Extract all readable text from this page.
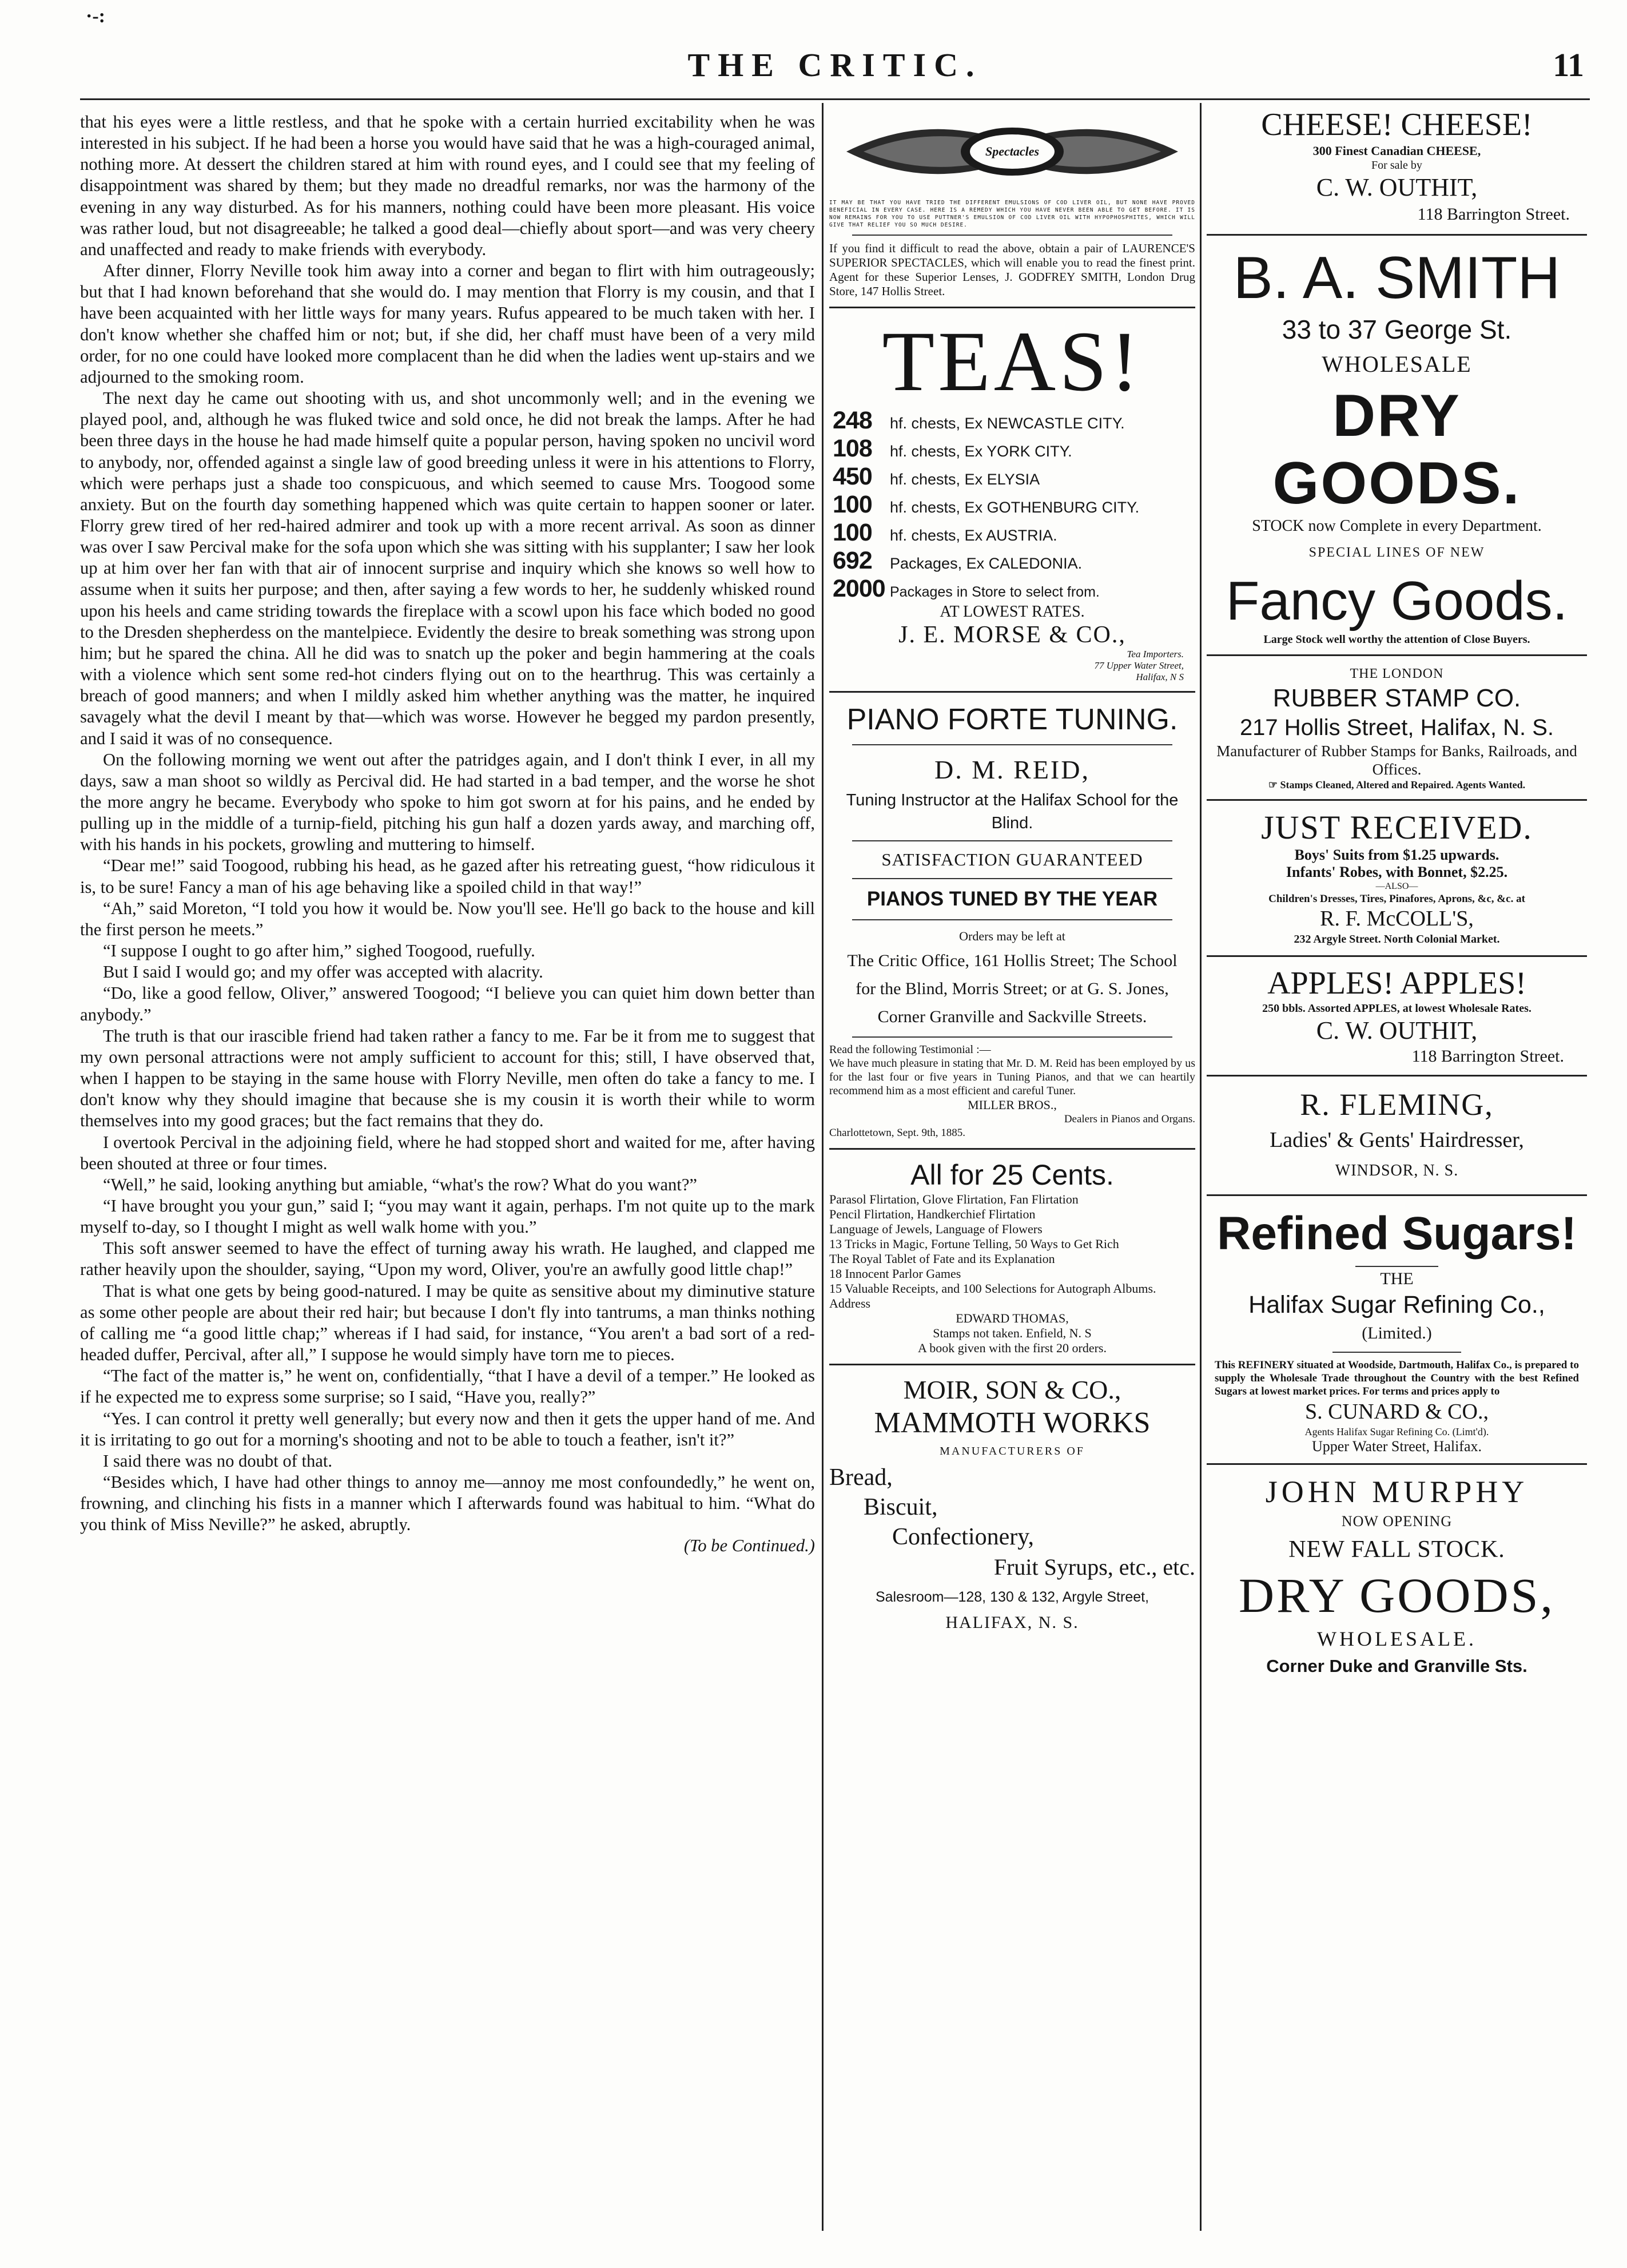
·-:
THE CRITIC.	11

that his eyes were a little restless, and that he spoke with a certain hurried excitability when he was interested in his subject. If he had been a horse you would have said that he was a high-couraged animal, nothing more. At dessert the children stared at him with round eyes, and I could see that my feeling of disappointment was shared by them; but they made no dreadful remarks, nor was the harmony of the evening in any way disturbed. As for his manners, nothing could have been more pleasant. His voice was rather loud, but not disagreeable; he talked a good deal—chiefly about sport—and was very cheery and unaffected and ready to make friends with everybody.

After dinner, Florry Neville took him away into a corner and began to flirt with him outrageously; but that I had known beforehand that she would do. I may mention that Florry is my cousin, and that I have been acquainted with her little ways for many years. Rufus appeared to be much taken with her. I don't know whether she chaffed him or not; but, if she did, her chaff must have been of a very mild order, for no one could have looked more complacent than he did when the ladies went up-stairs and we adjourned to the smoking room.

The next day he came out shooting with us, and shot uncommonly well; and in the evening we played pool, and, although he was fluked twice and sold once, he did not break the lamps. After he had been three days in the house he had made himself quite a popular person, having spoken no uncivil word to anybody, nor, offended against a single law of good breeding unless it were in his attentions to Florry, which were perhaps just a shade too conspicuous, and which seemed to cause Mrs. Toogood some anxiety. But on the fourth day something happened which was quite certain to happen sooner or later. Florry grew tired of her red-haired admirer and took up with a more recent arrival. As soon as dinner was over I saw Percival make for the sofa upon which she was sitting with his supplanter; I saw her look up at him over her fan with that air of innocent surprise and inquiry which she knows so well how to assume when it suits her purpose; and then, after saying a few words to her, he suddenly whisked round upon his heels and came striding towards the fireplace with a scowl upon his face which boded no good to the Dresden shepherdess on the mantelpiece. Evidently the desire to break something was strong upon him; but he spared the china. All he did was to snatch up the poker and begin hammering at the coals with a violence which sent some red-hot cinders flying out on to the hearthrug. This was certainly a breach of good manners; and when I mildly asked him whether anything was the matter, he inquired savagely what the devil I meant by that—which was worse. However he begged my pardon presently, and I said it was of no consequence.

On the following morning we went out after the patridges again, and I don't think I ever, in all my days, saw a man shoot so wildly as Percival did. He had started in a bad temper, and the worse he shot the more angry he became. Everybody who spoke to him got sworn at for his pains, and he ended by pulling up in the middle of a turnip-field, pitching his gun half a dozen yards away, and marching off, with his hands in his pockets, growling and muttering to himself.

“Dear me!” said Toogood, rubbing his head, as he gazed after his retreating guest, “how ridiculous it is, to be sure! Fancy a man of his age behaving like a spoiled child in that way!”

“Ah,” said Moreton, “I told you how it would be. Now you'll see. He'll go back to the house and kill the first person he meets.”

“I suppose I ought to go after him,” sighed Toogood, ruefully.

But I said I would go; and my offer was accepted with alacrity.

“Do, like a good fellow, Oliver,” answered Toogood; “I believe you can quiet him down better than anybody.”

The truth is that our irascible friend had taken rather a fancy to me. Far be it from me to suggest that my own personal attractions were not amply sufficient to account for this; still, I have observed that, when I happen to be staying in the same house with Florry Neville, men often do take a fancy to me. I don't know why they should imagine that because she is my cousin it is worth their while to worm themselves into my good graces; but the fact remains that they do.

I overtook Percival in the adjoining field, where he had stopped short and waited for me, after having been shouted at three or four times.

“Well,” he said, looking anything but amiable, “what's the row? What do you want?”

“I have brought you your gun,” said I; “you may want it again, perhaps. I'm not quite up to the mark myself to-day, so I thought I might as well walk home with you.”

This soft answer seemed to have the effect of turning away his wrath. He laughed, and clapped me rather heavily upon the shoulder, saying, “Upon my word, Oliver, you're an awfully good little chap!”

That is what one gets by being good-natured. I may be quite as sensitive about my diminutive stature as some other people are about their red hair; but because I don't fly into tantrums, a man thinks nothing of calling me “a good little chap;” whereas if I had said, for instance, “You aren't a bad sort of a red-headed duffer, Percival, after all,” I suppose he would simply have torn me to pieces.

“The fact of the matter is,” he went on, confidentially, “that I have a devil of a temper.” He looked as if he expected me to express some surprise; so I said, “Have you, really?”

“Yes. I can control it pretty well generally; but every now and then it gets the upper hand of me. And it is irritating to go out for a morning's shooting and not to be able to touch a feather, isn't it?”

I said there was no doubt of that.

“Besides which, I have had other things to annoy me—annoy me most confoundedly,” he went on, frowning, and clinching his fists in a manner which I afterwards found was habitual to him. “What do you think of Miss Neville?” he asked, abruptly.

(To be Continued.)
Spectacles

IT MAY BE THAT YOU HAVE TRIED THE DIFFERENT EMULSIONS OF COD LIVER OIL, BUT NONE HAVE PROVED BENEFICIAL IN EVERY CASE. HERE IS A REMEDY WHICH YOU HAVE NEVER BEEN ABLE TO GET BEFORE. IT IS NOW REMAINS FOR YOU TO USE PUTTNER'S EMULSION OF COD LIVER OIL WITH HYPOPHOSPHITES, WHICH WILL GIVE THAT RELIEF YOU SO MUCH DESIRE.

If you find it difficult to read the above, obtain a pair of LAURENCE'S SUPERIOR SPECTACLES, which will enable you to read the finest print. Agent for these Superior Lenses, J. GODFREY SMITH, London Drug Store, 147 Hollis Street.

TEAS!
248	hf. chests, Ex NEWCASTLE CITY.
108	hf. chests, Ex YORK CITY.
450	hf. chests, Ex ELYSIA
100	hf. chests, Ex GOTHENBURG CITY.
100	hf. chests, Ex AUSTRIA.
692	Packages, Ex CALEDONIA.
2000 Packages in Store to select from.
AT LOWEST RATES.
J. E. MORSE & CO.,
Tea Importers.
77 Upper Water Street,
Halifax, N S
PIANO FORTE TUNING.
D. M. REID,
Tuning Instructor at the Halifax School for the Blind.
SATISFACTION GUARANTEED
PIANOS TUNED BY THE YEAR
Orders may be left at
The Critic Office, 161 Hollis Street; The School for the Blind, Morris Street; or at G. S. Jones, Corner Granville and Sackville Streets.
Read the following Testimonial :—
We have much pleasure in stating that Mr. D. M. Reid has been employed by us for the last four or five years in Tuning Pianos, and that we can heartily recommend him as a most efficient and careful Tuner.
MILLER BROS.,
Dealers in Pianos and Organs.
Charlottetown, Sept. 9th, 1885.
All for 25 Cents.
Parasol Flirtation, Glove Flirtation, Fan Flirtation
Pencil Flirtation, Handkerchief Flirtation
Language of Jewels, Language of Flowers
13 Tricks in Magic, Fortune Telling, 50 Ways to Get Rich
The Royal Tablet of Fate and its Explanation
18 Innocent Parlor Games
15 Valuable Receipts, and 100 Selections for Autograph Albums. Address
EDWARD THOMAS,
Stamps not taken. Enfield, N. S
A book given with the first 20 orders.
MOIR, SON & CO.,
MAMMOTH WORKS
MANUFACTURERS OF
Bread,
Biscuit,
Confectionery,
Fruit Syrups, etc., etc.
Salesroom—128, 130 & 132, Argyle Street,
HALIFAX, N. S.
CHEESE! CHEESE!
300 Finest Canadian CHEESE,
For sale by
C. W. OUTHIT,
118 Barrington Street.
B. A. SMITH
33 to 37 George St.
WHOLESALE
DRY GOODS.
STOCK now Complete in every Department.
SPECIAL LINES OF NEW
Fancy Goods.
Large Stock well worthy the attention of Close Buyers.
THE LONDON
RUBBER STAMP CO.
217 Hollis Street, Halifax, N. S.
Manufacturer of Rubber Stamps for Banks, Railroads, and Offices.
☞ Stamps Cleaned, Altered and Repaired. Agents Wanted.
JUST RECEIVED.
Boys' Suits from $1.25 upwards.
Infants' Robes, with Bonnet, $2.25.
—ALSO—
Children's Dresses, Tires, Pinafores, Aprons, &c, &c. at
R. F. McCOLL'S,
232 Argyle Street. North Colonial Market.
APPLES! APPLES!
250 bbls. Assorted APPLES, at lowest Wholesale Rates.
C. W. OUTHIT,
118 Barrington Street.
R. FLEMING,
Ladies' & Gents' Hairdresser,
WINDSOR, N. S.
Refined Sugars!
THE
Halifax Sugar Refining Co.,
(Limited.)
This REFINERY situated at Woodside, Dartmouth, Halifax Co., is prepared to supply the Wholesale Trade throughout the Country with the best Refined Sugars at lowest market prices. For terms and prices apply to
S. CUNARD & CO.,
Agents Halifax Sugar Refining Co. (Limt'd).
Upper Water Street, Halifax.
JOHN MURPHY
NOW OPENING
NEW FALL STOCK.
DRY GOODS,
WHOLESALE.
Corner Duke and Granville Sts.
